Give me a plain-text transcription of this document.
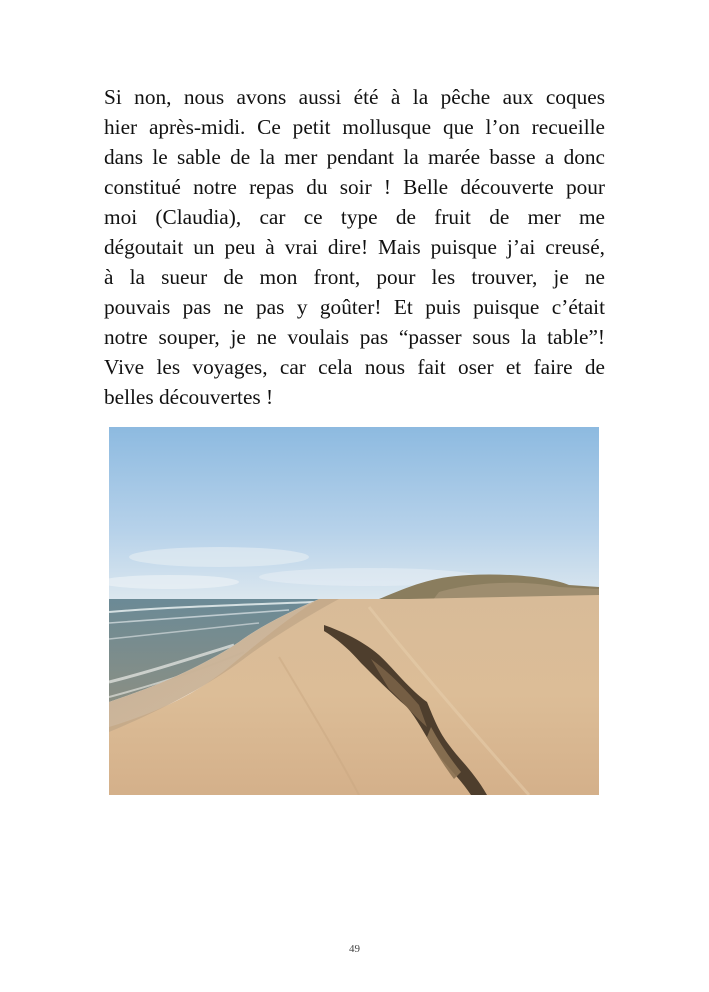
Si non, nous avons aussi été à la pêche aux coques
hier après-midi. Ce petit mollusque que l’on recueille
dans le sable de la mer pendant la marée basse a donc
constitué notre repas du soir ! Belle découverte pour
moi (Claudia), car ce type de fruit de mer me
dégoutait un peu à vrai dire! Mais puisque j’ai creusé,
à la sueur de mon front, pour les trouver, je ne
pouvais pas ne pas y goûter! Et puis puisque c’était
notre souper, je ne voulais pas “passer sous la table”!
Vive les voyages, car cela nous fait oser et faire de
belles découvertes !
49
